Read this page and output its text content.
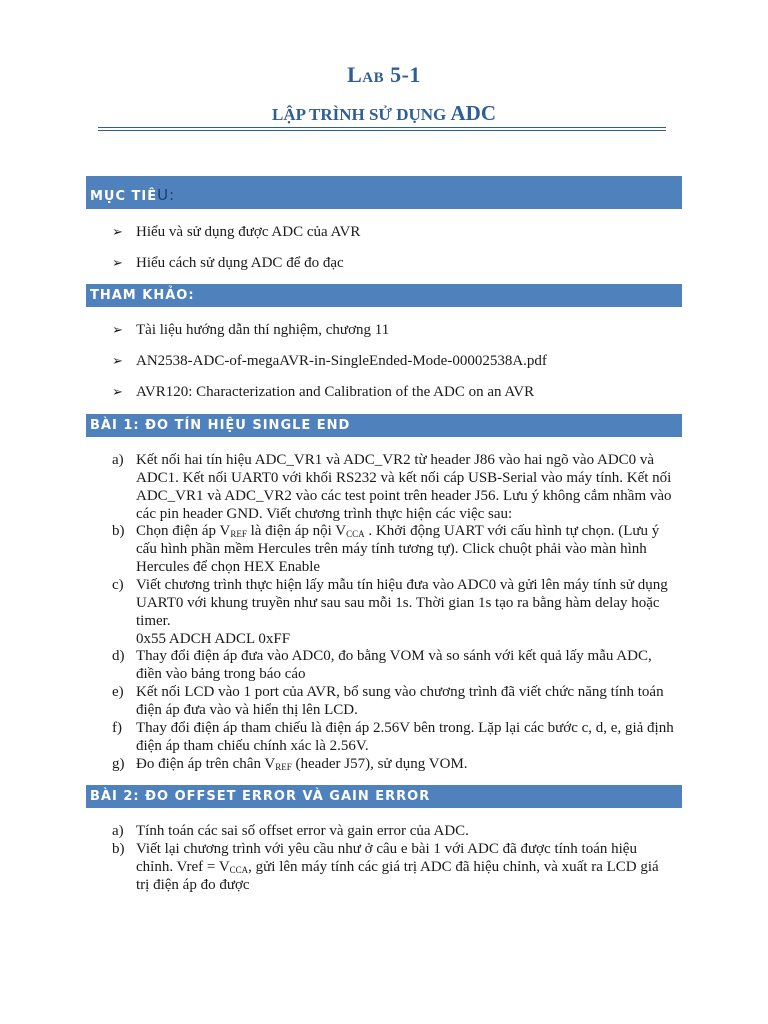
Lab 5-1
LẬP TRÌNH SỬ DỤNG ADC
MỤC TIÊU:
➢Hiểu và sử dụng được ADC của AVR
➢Hiểu cách sử dụng ADC để đo đạc
THAM KHẢO:
➢Tài liệu hướng dẫn thí nghiệm, chương 11
➢AN2538-ADC-of-megaAVR-in-SingleEnded-Mode-00002538A.pdf
➢AVR120: Characterization and Calibration of the ADC on an AVR
BÀI 1: ĐO TÍN HIỆU SINGLE END
a) Kết nối hai tín hiệu ADC_VR1 và ADC_VR2 từ header J86 vào hai ngõ vào ADC0 và
ADC1. Kết nối UART0 với khối RS232 và kết nối cáp USB-Serial vào máy tính. Kết nối
ADC_VR1 và ADC_VR2 vào các test point trên header J56. Lưu ý không cắm nhầm vào
các pin header GND. Viết chương trình thực hiện các việc sau:
b) Chọn điện áp $V_{REF}$ là điện áp nội $V_{CCA}$ . Khởi động UART với cấu hình tự chọn. (Lưu ý
cấu hình phần mềm Hercules trên máy tính tương tự). Click chuột phải vào màn hình
Hercules để chọn HEX Enable
c) Viết chương trình thực hiện lấy mẫu tín hiệu đưa vào ADC0 và gửi lên máy tính sử dụng
UART0 với khung truyền như sau sau mỗi 1s. Thời gian 1s tạo ra bằng hàm delay hoặc
timer.
0x55 ADCH ADCL 0xFF
d) Thay đổi điện áp đưa vào ADC0, đo bằng VOM và so sánh với kết quả lấy mẫu ADC,
điền vào bảng trong báo cáo
e) Kết nối LCD vào 1 port của AVR, bổ sung vào chương trình đã viết chức năng tính toán
điện áp đưa vào và hiển thị lên LCD.
f) Thay đổi điện áp tham chiếu là điện áp 2.56V bên trong. Lặp lại các bước c, d, e, giả định
điện áp tham chiếu chính xác là 2.56V.
g) Đo điện áp trên chân $V_{REF}$ (header J57), sử dụng VOM.
BÀI 2: ĐO OFFSET ERROR VÀ GAIN ERROR
a) Tính toán các sai số offset error và gain error của ADC.
b) Viết lại chương trình với yêu cầu như ở câu e bài 1 với ADC đã được tính toán hiệu
chỉnh. Vref = $V_{CCA}$, gửi lên máy tính các giá trị ADC đã hiệu chỉnh, và xuất ra LCD giá
trị điện áp đo được
